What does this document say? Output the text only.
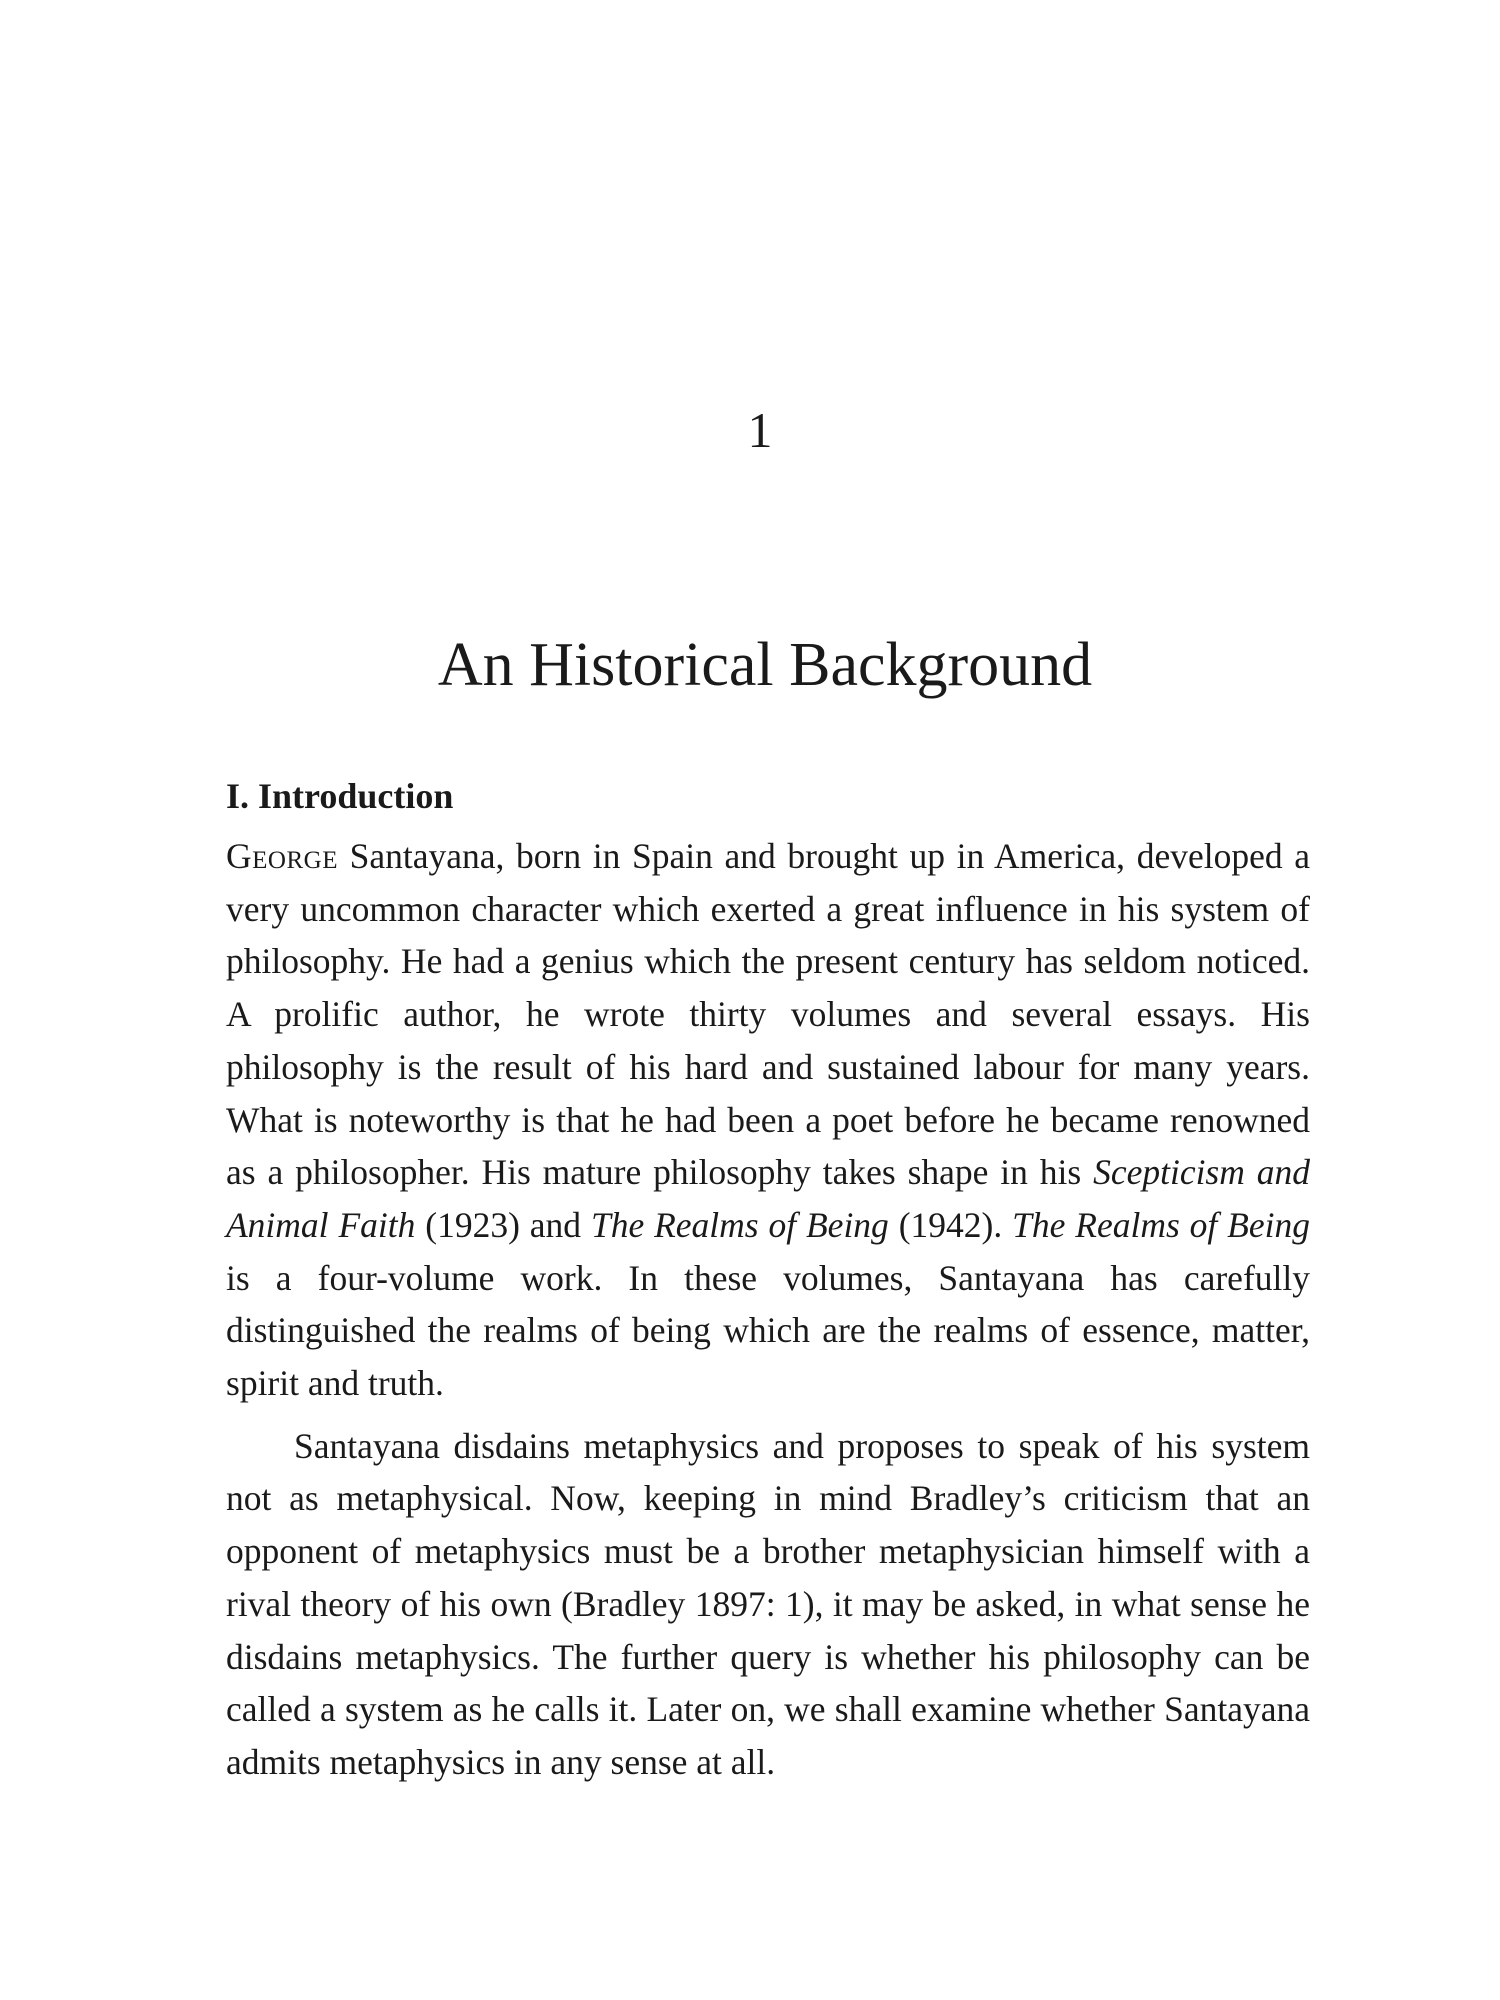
1
An Historical Background
I. Introduction

George Santayana, born in Spain and brought up in America, developed a very uncommon character which exerted a great influence in his system of philosophy. He had a genius which the present century has seldom noticed. A prolific author, he wrote thirty volumes and several essays. His philosophy is the result of his hard and sustained labour for many years. What is noteworthy is that he had been a poet before he became renowned as a philosopher. His mature philosophy takes shape in his Scepticism and Animal Faith (1923) and The Realms of Being (1942). The Realms of Being is a four-volume work. In these volumes, Santayana has carefully distinguished the realms of being which are the realms of essence, matter, spirit and truth.

Santayana disdains metaphysics and proposes to speak of his system not as metaphysical. Now, keeping in mind Bradley’s criticism that an opponent of metaphysics must be a brother metaphysician himself with a rival theory of his own (Bradley 1897: 1), it may be asked, in what sense he disdains metaphysics. The further query is whether his philosophy can be called a system as he calls it. Later on, we shall examine whether Santayana admits metaphysics in any sense at all.
